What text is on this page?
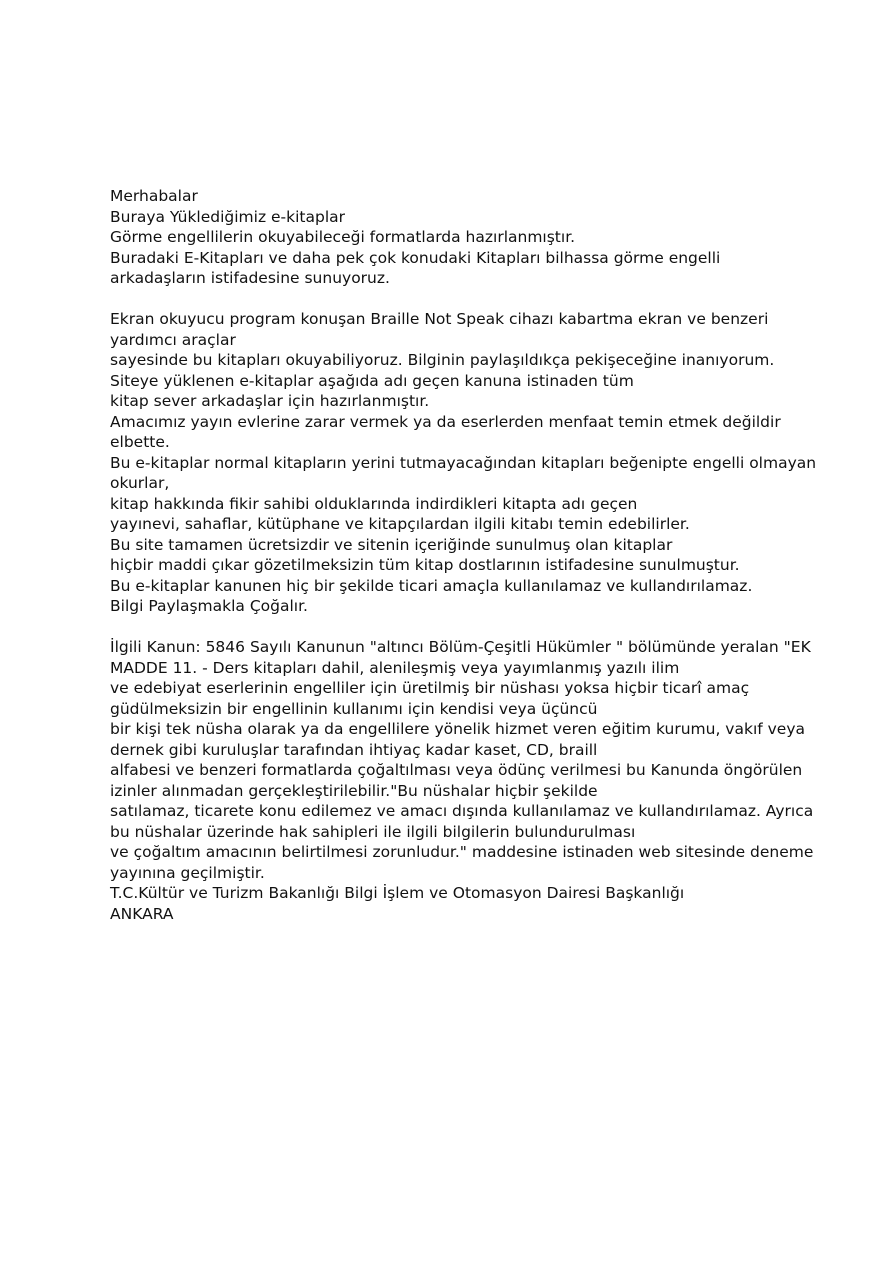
Merhabalar
Buraya Yüklediğimiz e-kitaplar
Görme engellilerin okuyabileceği formatlarda hazırlanmıştır.
Buradaki E-Kitapları ve daha pek çok konudaki Kitapları bilhassa görme engelli
arkadaşların istifadesine sunuyoruz.
Ekran okuyucu program konuşan Braille Not Speak cihazı kabartma ekran ve benzeri
yardımcı araçlar
sayesinde bu kitapları okuyabiliyoruz. Bilginin paylaşıldıkça pekişeceğine inanıyorum.
Siteye yüklenen e-kitaplar aşağıda adı geçen kanuna istinaden tüm
kitap sever arkadaşlar için hazırlanmıştır.
Amacımız yayın evlerine zarar vermek ya da eserlerden menfaat temin etmek değildir
elbette.
Bu e-kitaplar normal kitapların yerini tutmayacağından kitapları beğenipte engelli olmayan
okurlar,
kitap hakkında fikir sahibi olduklarında indirdikleri kitapta adı geçen
yayınevi, sahaflar, kütüphane ve kitapçılardan ilgili kitabı temin edebilirler.
Bu site tamamen ücretsizdir ve sitenin içeriğinde sunulmuş olan kitaplar
hiçbir maddi çıkar gözetilmeksizin tüm kitap dostlarının istifadesine sunulmuştur.
Bu e-kitaplar kanunen hiç bir şekilde ticari amaçla kullanılamaz ve kullandırılamaz.
Bilgi Paylaşmakla Çoğalır.
İlgili Kanun: 5846 Sayılı Kanunun "altıncı Bölüm-Çeşitli Hükümler " bölümünde yeralan "EK
MADDE 11. - Ders kitapları dahil, alenileşmiş veya yayımlanmış yazılı ilim
ve edebiyat eserlerinin engelliler için üretilmiş bir nüshası yoksa hiçbir ticarî amaç
güdülmeksizin bir engellinin kullanımı için kendisi veya üçüncü
bir kişi tek nüsha olarak ya da engellilere yönelik hizmet veren eğitim kurumu, vakıf veya
dernek gibi kuruluşlar tarafından ihtiyaç kadar kaset, CD, braill
alfabesi ve benzeri formatlarda çoğaltılması veya ödünç verilmesi bu Kanunda öngörülen
izinler alınmadan gerçekleştirilebilir."Bu nüshalar hiçbir şekilde
satılamaz, ticarete konu edilemez ve amacı dışında kullanılamaz ve kullandırılamaz. Ayrıca
bu nüshalar üzerinde hak sahipleri ile ilgili bilgilerin bulundurulması
ve çoğaltım amacının belirtilmesi zorunludur." maddesine istinaden web sitesinde deneme
yayınına geçilmiştir.
T.C.Kültür ve Turizm Bakanlığı Bilgi İşlem ve Otomasyon Dairesi Başkanlığı
ANKARA
